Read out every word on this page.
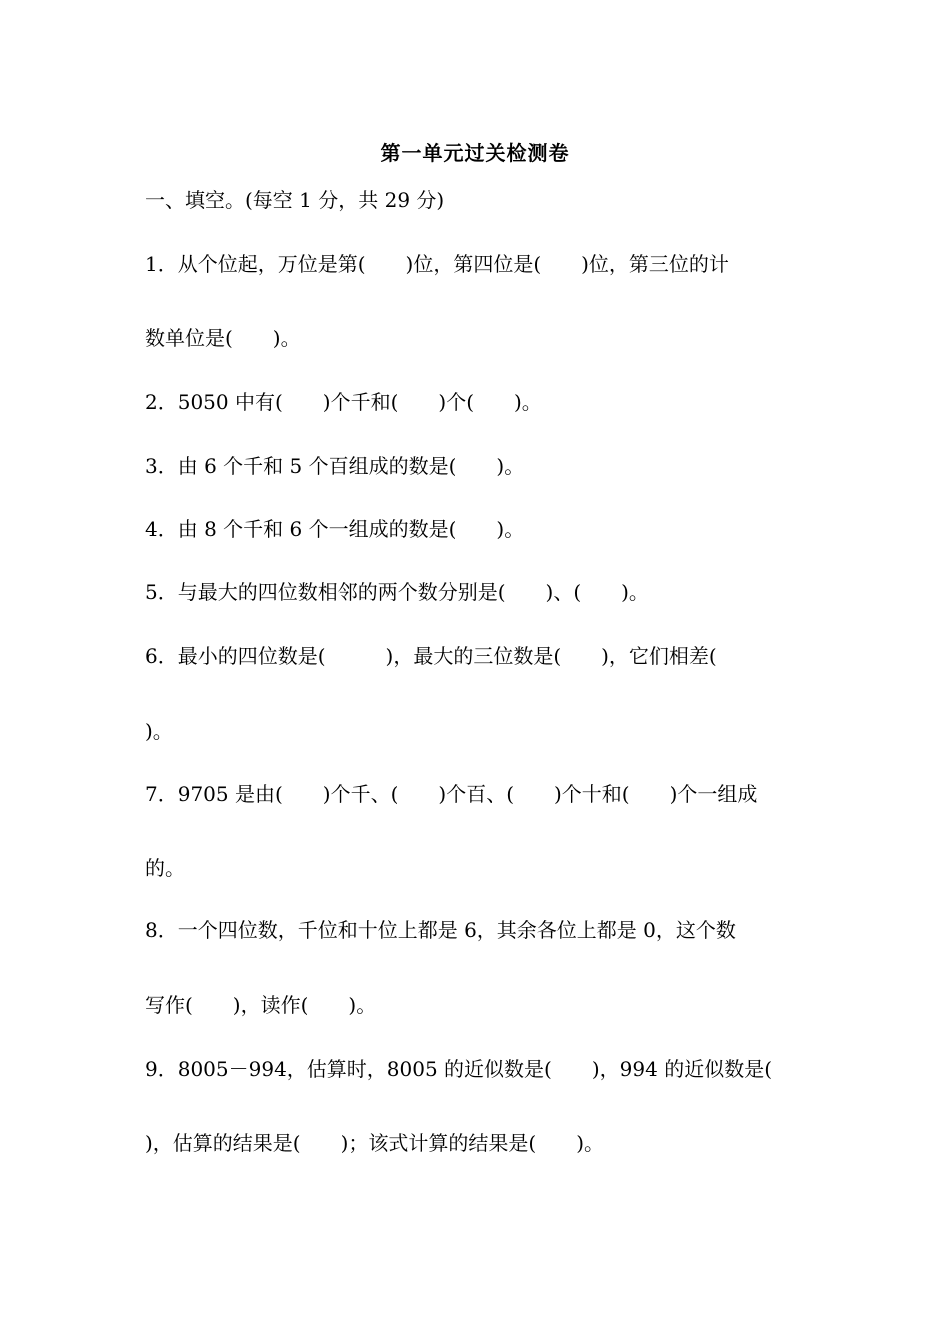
第一单元过关检测卷
一、填空。(每空 1 分，共 29 分)
1．从个位起，万位是第(　　)位，第四位是(　　)位，第三位的计
数单位是(　　)。
2．5050 中有(　　)个千和(　　)个(　　)。
3．由 6 个千和 5 个百组成的数是(　　)。
4．由 8 个千和 6 个一组成的数是(　　)。
5．与最大的四位数相邻的两个数分别是(　　)、(　　)。
6．最小的四位数是(　　　)，最大的三位数是(　　)，它们相差(
)。
7．9705 是由(　　)个千、(　　)个百、(　　)个十和(　　)个一组成
的。
8．一个四位数，千位和十位上都是 6，其余各位上都是 0，这个数
写作(　　)，读作(　　)。
9．8005－994，估算时，8005 的近似数是(　　)，994 的近似数是(
)，估算的结果是(　　)；该式计算的结果是(　　)。
